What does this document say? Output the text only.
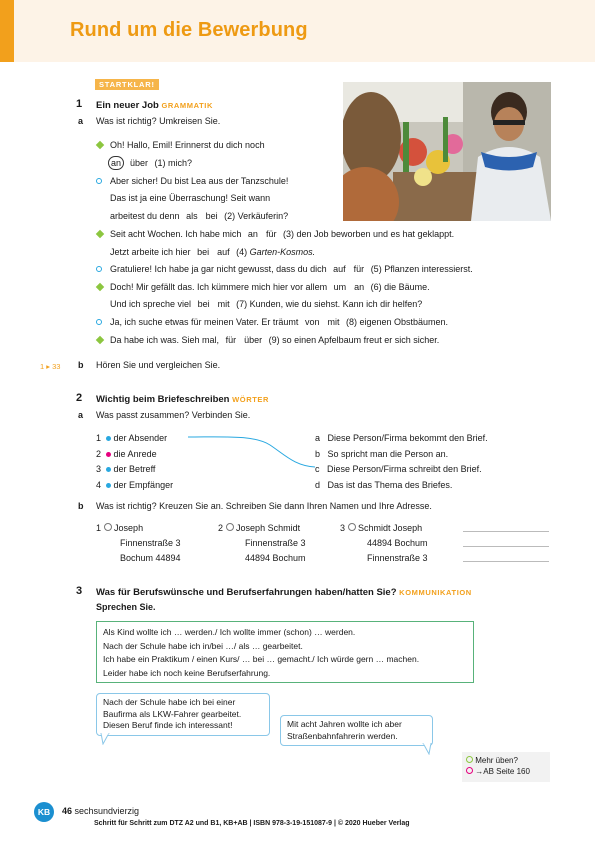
Rund um die Bewerbung
STARTKLAR!
1 Ein neuer Job GRAMMATIK
a Was ist richtig? Umkreisen Sie.
Oh! Hallo, Emil! Erinnerst du dich noch
an über (1) mich?
Aber sicher! Du bist Lea aus der Tanzschule!
Das ist ja eine Überraschung! Seit wann
arbeitest du denn als bei (2) Verkäuferin?
Seit acht Wochen. Ich habe mich an für (3) den Job beworben und es hat geklappt.
Jetzt arbeite ich hier bei auf (4) Garten-Kosmos.
Gratuliere! Ich habe ja gar nicht gewusst, dass du dich auf für (5) Pflanzen interessierst.
Doch! Mir gefällt das. Ich kümmere mich hier vor allem um an (6) die Bäume.
Und ich spreche viel bei mit (7) Kunden, wie du siehst. Kann ich dir helfen?
Ja, ich suche etwas für meinen Vater. Er träumt von mit (8) eigenen Obstbäumen.
Da habe ich was. Sieh mal, für über (9) so einen Apfelbaum freut er sich sicher.
1 ▸ 33 b Hören Sie und vergleichen Sie.
2 Wichtig beim Briefeschreiben WÖRTER
a Was passt zusammen? Verbinden Sie.
1 der Absender
2 die Anrede
3 der Betreff
4 der Empfänger
a Diese Person/Firma bekommt den Brief.
b So spricht man die Person an.
c Diese Person/Firma schreibt den Brief.
d Das ist das Thema des Briefes.
b Was ist richtig? Kreuzen Sie an. Schreiben Sie dann Ihren Namen und Ihre Adresse.
1 Joseph
Finnenstraße 3
Bochum 44894
2 Joseph Schmidt
Finnenstraße 3
44894 Bochum
3 Schmidt Joseph
44894 Bochum
Finnenstraße 3
3 Was für Berufswünsche und Berufserfahrungen haben/hatten Sie? KOMMUNIKATION
Sprechen Sie.
Als Kind wollte ich … werden./ Ich wollte immer (schon) … werden.
Nach der Schule habe ich in/bei …/ als … gearbeitet.
Ich habe ein Praktikum / einen Kurs/ … bei … gemacht./ Ich würde gern … machen.
Leider habe ich noch keine Berufserfahrung.
Nach der Schule habe ich bei einer
Baufirma als LKW-Fahrer gearbeitet.
Diesen Beruf finde ich interessant!	Mit acht Jahren wollte ich aber
Straßenbahnfahrerin werden.
Mehr üben?
→AB Seite 160
KB	46 sechsundvierzig
Schritt für Schritt zum DTZ A2 und B1, KB+AB | ISBN 978-3-19-151087-9 | © 2020 Hueber Verlag
